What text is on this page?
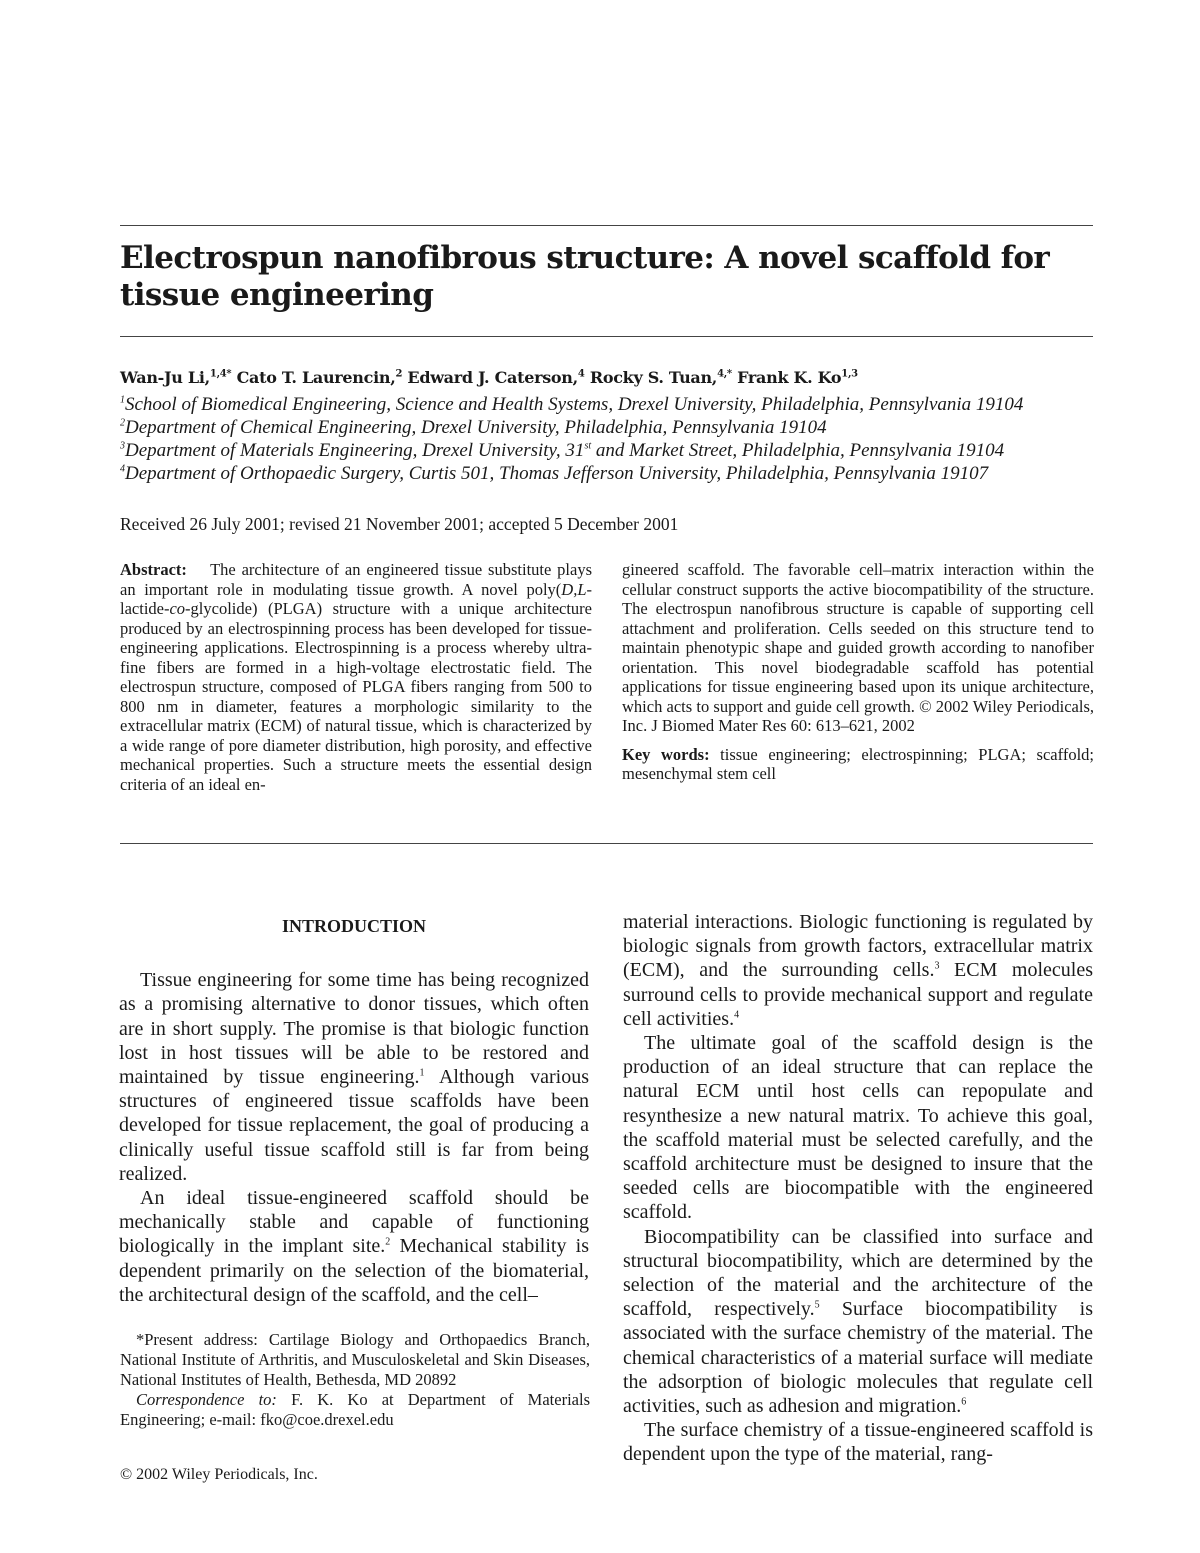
Electrospun nanofibrous structure: A novel scaffold for tissue engineering

Wan-Ju Li,$^{1,4*}$ Cato T. Laurencin,$^2$ Edward J. Caterson,$^4$ Rocky S. Tuan,$^{4,*}$ Frank K. Ko$^{1,3}$

$^1$School of Biomedical Engineering, Science and Health Systems, Drexel University, Philadelphia, Pennsylvania 19104
$^2$Department of Chemical Engineering, Drexel University, Philadelphia, Pennsylvania 19104
$^3$Department of Materials Engineering, Drexel University, 31st and Market Street, Philadelphia, Pennsylvania 19104
$^4$Department of Orthopaedic Surgery, Curtis 501, Thomas Jefferson University, Philadelphia, Pennsylvania 19107

Received 26 July 2001; revised 21 November 2001; accepted 5 December 2001

Abstract: The architecture of an engineered tissue substitute plays an important role in modulating tissue growth. A novel poly(D,L-lactide-co-glycolide) (PLGA) structure with a unique architecture produced by an electrospinning process has been developed for tissue-engineering applications. Electrospinning is a process whereby ultra-fine fibers are formed in a high-voltage electrostatic field. The electrospun structure, composed of PLGA fibers ranging from 500 to 800 nm in diameter, features a morphologic similarity to the extracellular matrix (ECM) of natural tissue, which is characterized by a wide range of pore diameter distribution, high porosity, and effective mechanical properties. Such a structure meets the essential design criteria of an ideal en-

gineered scaffold. The favorable cell–matrix interaction within the cellular construct supports the active biocompatibility of the structure. The electrospun nanofibrous structure is capable of supporting cell attachment and proliferation. Cells seeded on this structure tend to maintain phenotypic shape and guided growth according to nanofiber orientation. This novel biodegradable scaffold has potential applications for tissue engineering based upon its unique architecture, which acts to support and guide cell growth. © 2002 Wiley Periodicals, Inc. J Biomed Mater Res 60: 613–621, 2002

Key words: tissue engineering; electrospinning; PLGA; scaffold; mesenchymal stem cell

INTRODUCTION

Tissue engineering for some time has being recognized as a promising alternative to donor tissues, which often are in short supply. The promise is that biologic function lost in host tissues will be able to be restored and maintained by tissue engineering.$^1$ Although various structures of engineered tissue scaffolds have been developed for tissue replacement, the goal of producing a clinically useful tissue scaffold still is far from being realized.

An ideal tissue-engineered scaffold should be mechanically stable and capable of functioning biologically in the implant site.$^2$ Mechanical stability is dependent primarily on the selection of the biomaterial, the architectural design of the scaffold, and the cell–

material interactions. Biologic functioning is regulated by biologic signals from growth factors, extracellular matrix (ECM), and the surrounding cells.$^3$ ECM molecules surround cells to provide mechanical support and regulate cell activities.$^4$

The ultimate goal of the scaffold design is the production of an ideal structure that can replace the natural ECM until host cells can repopulate and resynthesize a new natural matrix. To achieve this goal, the scaffold material must be selected carefully, and the scaffold architecture must be designed to insure that the seeded cells are biocompatible with the engineered scaffold.

Biocompatibility can be classified into surface and structural biocompatibility, which are determined by the selection of the material and the architecture of the scaffold, respectively.$^5$ Surface biocompatibility is associated with the surface chemistry of the material. The chemical characteristics of a material surface will mediate the adsorption of biologic molecules that regulate cell activities, such as adhesion and migration.$^6$

The surface chemistry of a tissue-engineered scaffold is dependent upon the type of the material, rang-

*Present address: Cartilage Biology and Orthopaedics Branch, National Institute of Arthritis, and Musculoskeletal and Skin Diseases, National Institutes of Health, Bethesda, MD 20892

Correspondence to: F. K. Ko at Department of Materials Engineering; e-mail: fko@coe.drexel.edu

© 2002 Wiley Periodicals, Inc.
